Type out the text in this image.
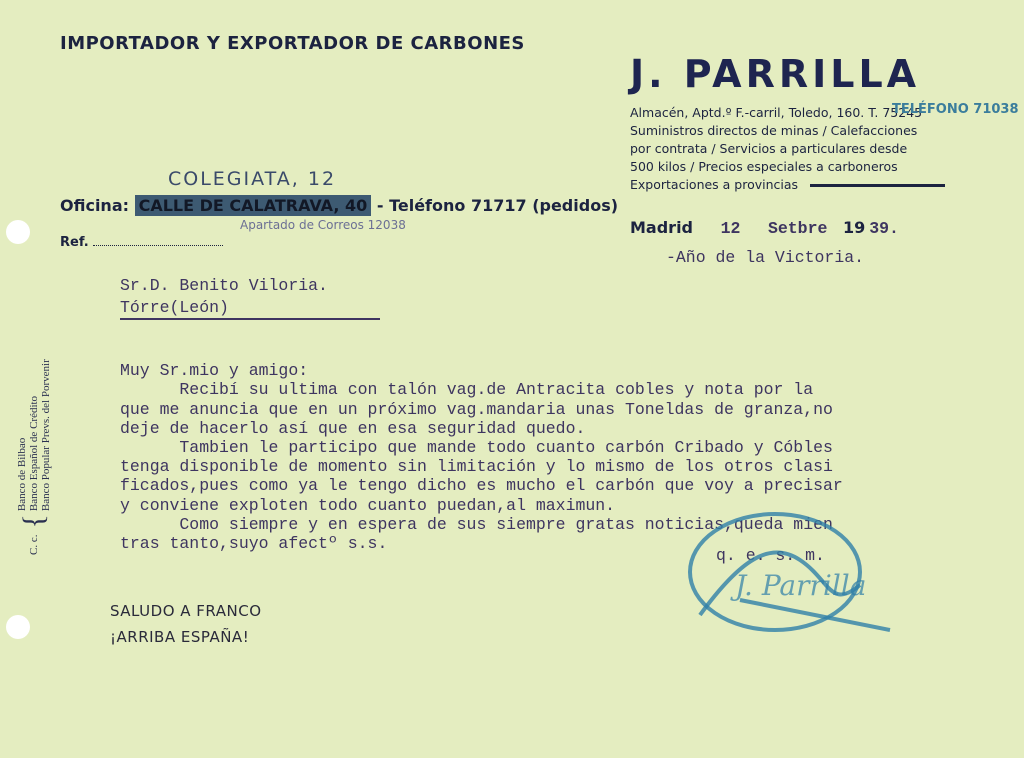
IMPORTADOR Y EXPORTADOR DE CARBONES
J. PARRILLA
Almacén, Aptd.º F.-carril, Toledo, 160. T. 75245
Suministros directos de minas / Calefacciones
por contrata / Servicios a particulares desde
500 kilos / Precios especiales a carboneros
Exportaciones a provincias
TELÉFONO 71038
COLEGIATA, 12
Oficina: CALLE DE CALATRAVA, 40 - Teléfono 71717 (pedidos)
Apartado de Correos 12038
Ref.
C. c.
{
Banco de Bilbao Banco Español de Crédito Banco Popular Prevs. del Porvenir
Madrid 12 Setbre 19 39.
-Año de la Victoria.
Sr.D. Benito Viloria.
Tórre(León)

Muy Sr.mio y amigo:
Recibí su ultima con talón vag.de Antracita cobles y nota por la
que me anuncia que en un próximo vag.mandaria unas Toneldas de granza,no
deje de hacerlo así que en esa seguridad quedo.
Tambien le participo que mande todo cuanto carbón Cribado y Cóbles
tenga disponible de momento sin limitación y lo mismo de los otros clasi
ficados,pues como ya le tengo dicho es mucho el carbón que voy a precisar
y conviene exploten todo cuanto puedan,al maximun.
Como siempre y en espera de sus siempre gratas noticias,queda mien
tras tanto,suyo afectº s.s.

q. e. s. m.
J. Parrilla
SALUDO A FRANCO
¡ARRIBA ESPAÑA!
